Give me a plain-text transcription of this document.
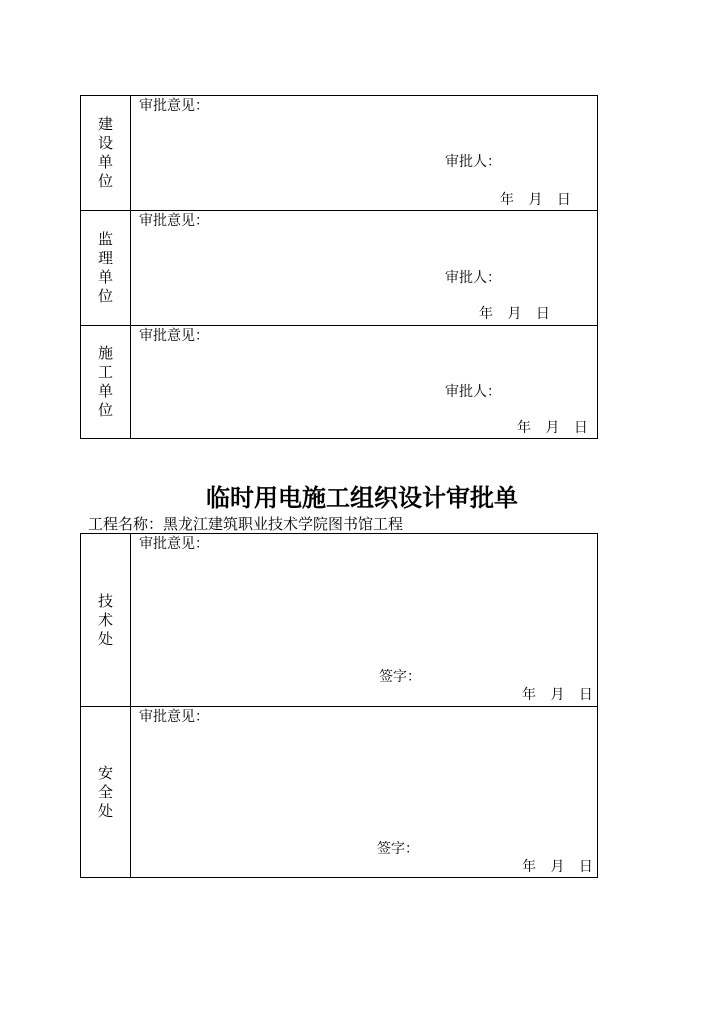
建
设
单
位
审批意见：
审批人：
年 月 日
监
理
单
位
审批意见：
审批人：
年 月 日
施
工
单
位
审批意见：
审批人：
年 月 日
临时用电施工组织设计审批单
工程名称：黑龙江建筑职业技术学院图书馆工程
技
术
处
审批意见：
签字：
年 月 日
安
全
处
审批意见：
签字：
年 月 日
